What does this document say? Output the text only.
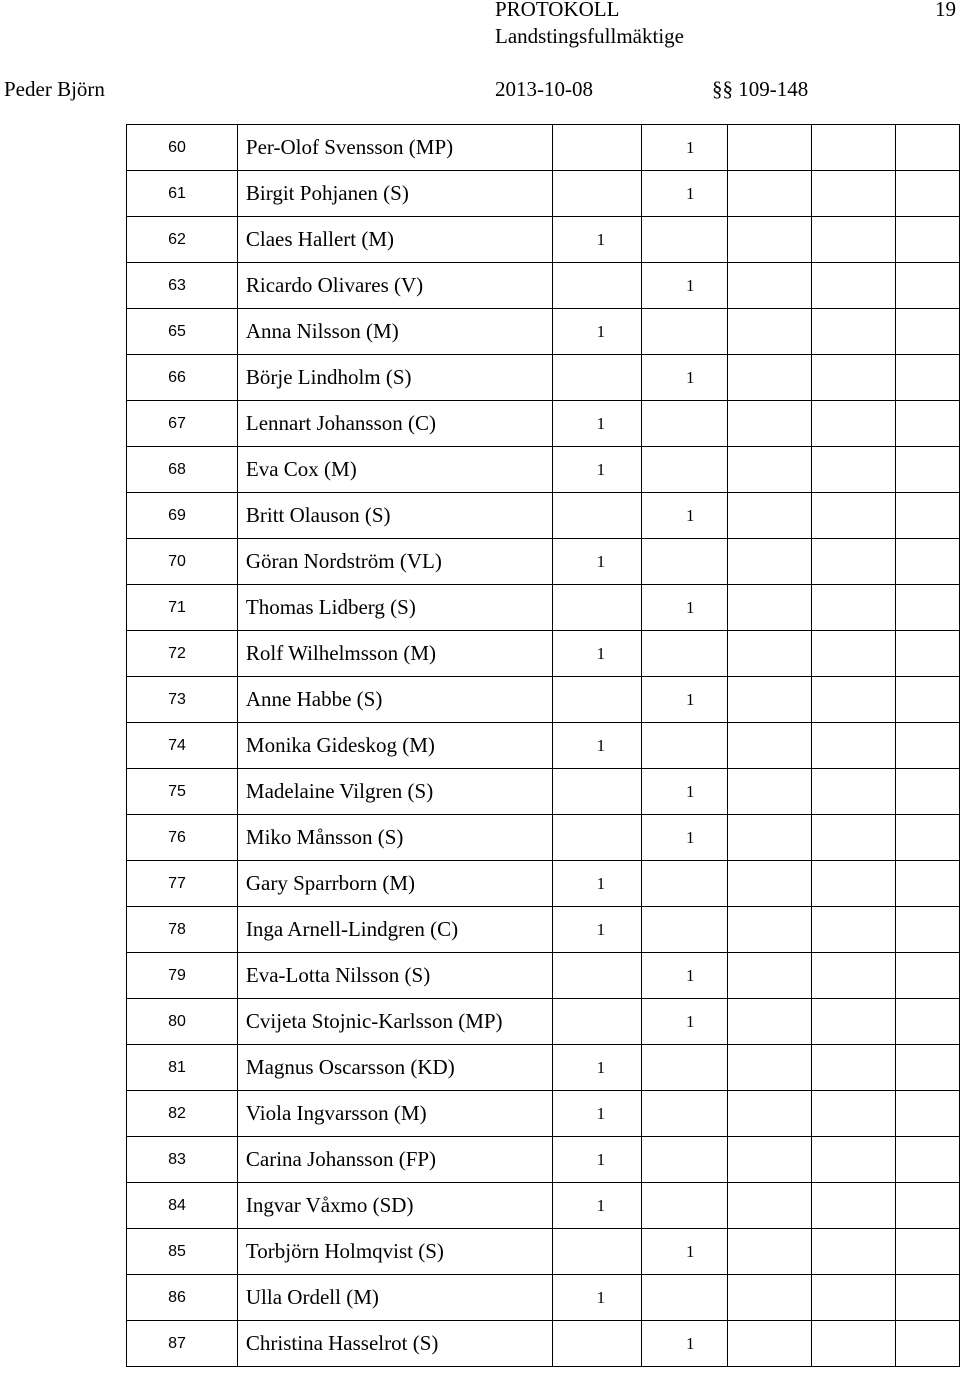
PROTOKOLL
Landstingsfullmäktige
19
Peder Björn	2013-10-08	§§ 109-148
60	Per-Olof Svensson (MP)		1			
61	Birgit Pohjanen (S)		1			
62	Claes Hallert (M)	1				
63	Ricardo Olivares (V)		1			
65	Anna Nilsson (M)	1				
66	Börje Lindholm (S)		1			
67	Lennart Johansson (C)	1				
68	Eva Cox (M)	1				
69	Britt Olauson (S)		1			
70	Göran Nordström (VL)	1				
71	Thomas Lidberg (S)		1			
72	Rolf Wilhelmsson (M)	1				
73	Anne Habbe (S)		1			
74	Monika Gideskog (M)	1				
75	Madelaine Vilgren (S)		1			
76	Miko Månsson (S)		1			
77	Gary Sparrborn (M)	1				
78	Inga Arnell-Lindgren (C)	1				
79	Eva-Lotta Nilsson (S)		1			
80	Cvijeta Stojnic-Karlsson (MP)		1			
81	Magnus Oscarsson (KD)	1				
82	Viola Ingvarsson (M)	1				
83	Carina Johansson (FP)	1				
84	Ingvar Våxmo (SD)	1				
85	Torbjörn Holmqvist (S)		1			
86	Ulla Ordell (M)	1				
87	Christina Hasselrot (S)		1			
